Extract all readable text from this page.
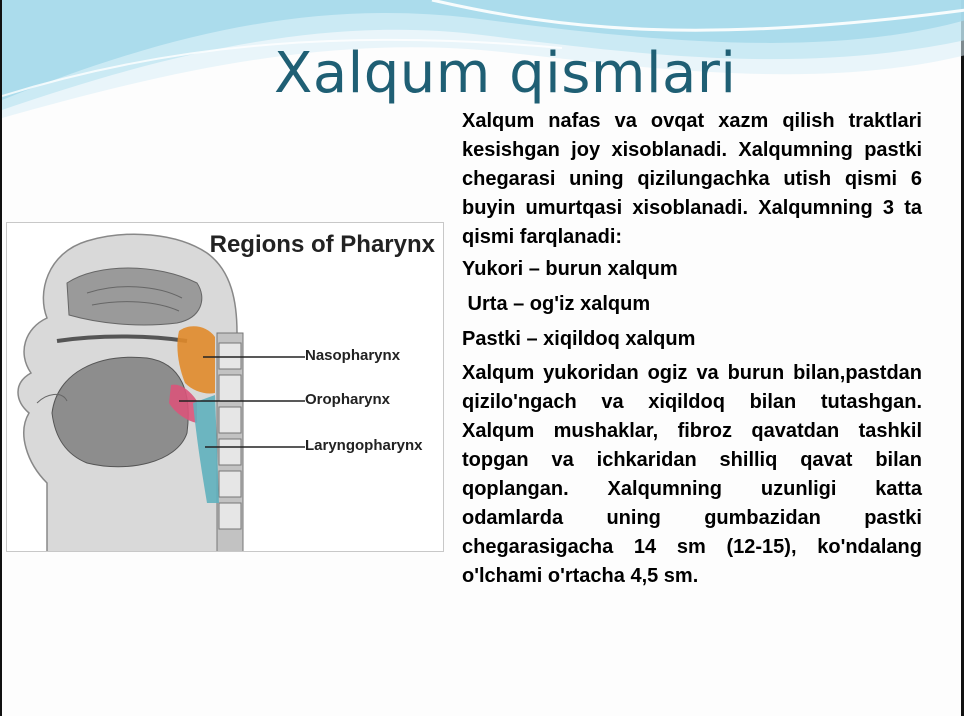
Xalqum qismlari
Regions of Pharynx
Nasopharynx
Oropharynx
Laryngopharynx

Xalqum nafas va ovqat xazm qilish traktlari kesishgan joy xisoblanadi. Xalqumning pastki chegarasi uning qizilungachka utish qismi 6 buyin umurtqasi xisoblanadi. Xalqumning 3 ta qismi farqlanadi:

Yukori – burun xalqum

Urta – og'iz xalqum

Pastki – xiqildoq xalqum

Xalqum yukoridan ogiz va burun bilan,pastdan qizilo'ngach va xiqildoq bilan tutashgan. Xalqum mushaklar, fibroz qavatdan tashkil topgan va ichkaridan shilliq qavat bilan qoplangan. Xalqumning uzunligi katta odamlarda uning gumbazidan pastki chegarasigacha 14 sm (12-15), ko'ndalang o'lchami o'rtacha 4,5 sm.
